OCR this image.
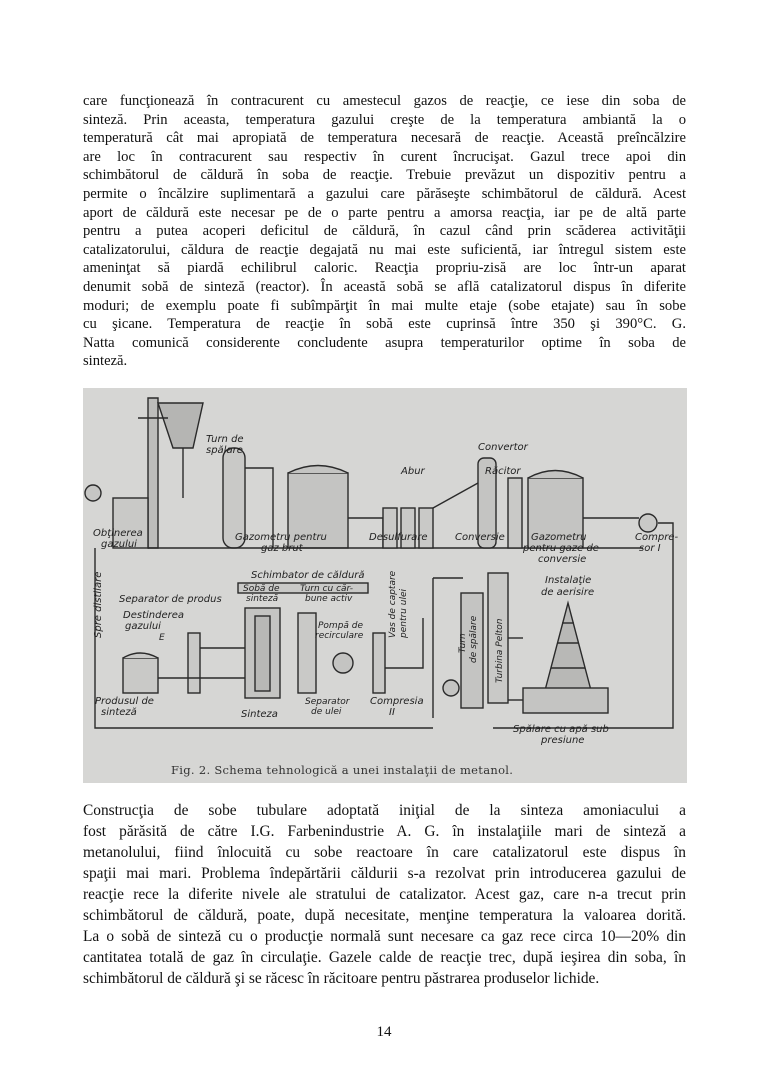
care funcţionează în contracurent cu amestecul gazos de reacţie, ce iese din soba de
sinteză. Prin aceasta, temperatura gazului creşte de la temperatura ambiantă la o
temperatură cât mai apropiată de temperatura necesară de reacţie. Această preîncălzire
are loc în contracurent sau respectiv în curent încrucişat. Gazul trece apoi din
schimbătorul de căldură în soba de reacţie. Trebuie prevăzut un dispozitiv pentru a
permite o încălzire suplimentară a gazului care părăseşte schimbătorul de căldură. Acest
aport de căldură este necesar pe de o parte pentru a amorsa reacţia, iar pe de altă parte
pentru a putea acoperi deficitul de căldură, în cazul când prin scăderea activităţii
catalizatorului, căldura de reacţie degajată nu mai este suficientă, iar întregul sistem este
ameninţat să piardă echilibrul caloric. Reacţia propriu-zisă are loc într-un aparat
denumit sobă de sinteză (reactor). În această sobă se află catalizatorul dispus în diferite
moduri; de exemplu poate fi subîmpărţit în mai multe etaje (sobe etajate) sau în sobe
cu şicane. Temperatura de reacţie în sobă este cuprinsă între 350 şi 390°C. G.
Natta comunică considerente concludente asupra temperaturilor optime în soba de
sinteză.
Turn de
spălare	Convertor
Abur	Răcitor
Obţinerea
gazului
Gazometru pentru
gaz brut
Desulfurare	Conversie	Gazometru
pentru gaze de
conversie
Compre-
sor I
Schimbator de căldură
Sobă de
sinteză
Turn cu căr-
bune activ	Vas de captare pentru ulei
Spre distilare Separator de produs
Destinderea
gazului
E
Pompă de
recirculare	Turn de spălare Turbina Pelton
Instalaţie
de aerisire
Produsul de
sinteză	Sinteza
Separator
de ulei
Compresia
II
Spălare cu apă sub
presiune
Fig. 2. Schema tehnologică a unei instalaţii de metanol.
Construcţia de sobe tubulare adoptată iniţial de la sinteza amoniacului a
fost părăsită de către I.G. Farbenindustrie A. G. în instalaţiile mari de sinteză a
metanolului, fiind înlocuită cu sobe reactoare în care catalizatorul este dispus în
spaţii mai mari. Problema îndepărtării căldurii s-a rezolvat prin introducerea gazului de
reacţie rece la diferite nivele ale stratului de catalizator. Acest gaz, care n-a trecut prin
schimbătorul de căldură, poate, după necesitate, menţine temperatura la valoarea dorită.
La o sobă de sinteză cu o producţie normală sunt necesare ca gaz rece circa 10—20% din
cantitatea totală de gaz în circulaţie. Gazele calde de reacţie trec, după ieşirea din soba, în
schimbătorul de căldură şi se răcesc în răcitoare pentru păstrarea produselor lichide.
14
